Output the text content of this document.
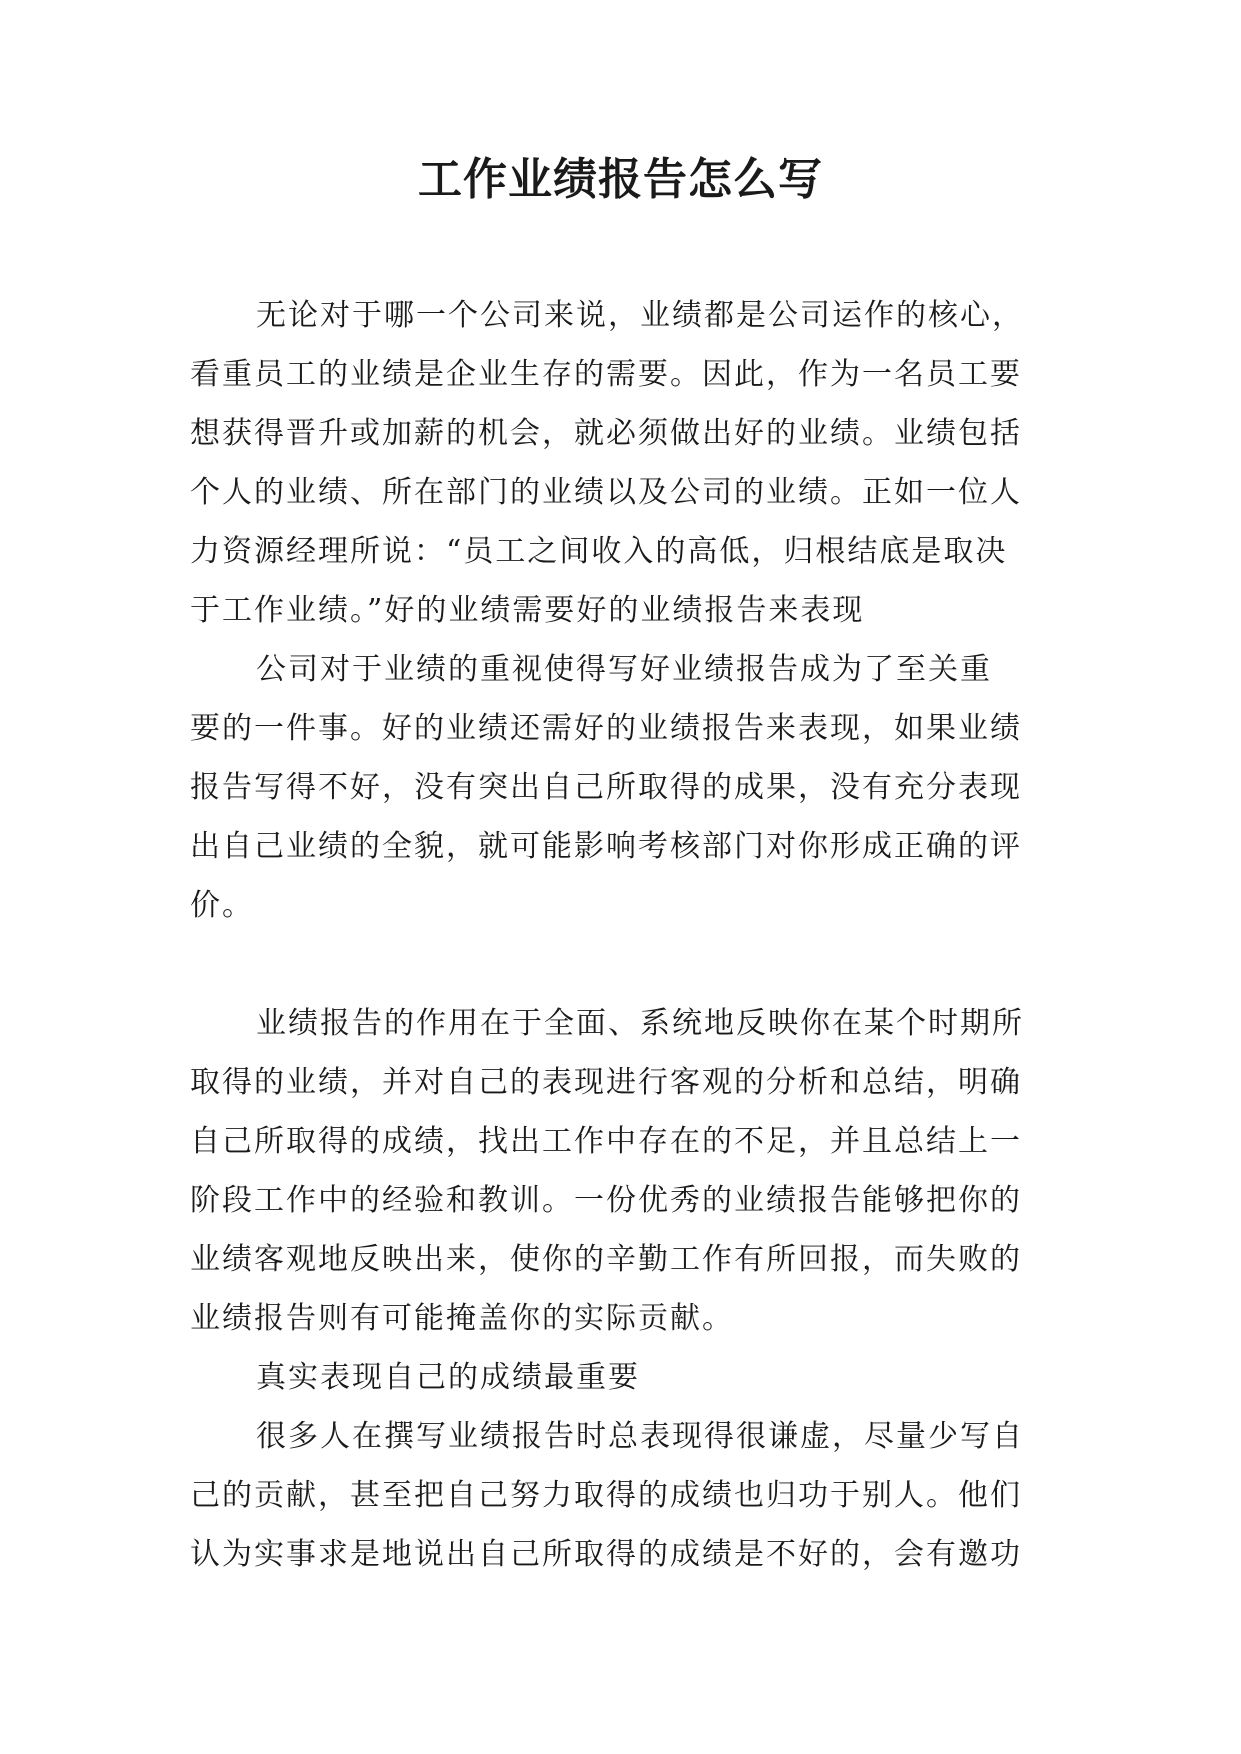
工作业绩报告怎么写
无论对于哪一个公司来说，业绩都是公司运作的核心，
看重员工的业绩是企业生存的需要。因此，作为一名员工要
想获得晋升或加薪的机会，就必须做出好的业绩。业绩包括
个人的业绩、所在部门的业绩以及公司的业绩。正如一位人
力资源经理所说：“员工之间收入的高低，归根结底是取决
于工作业绩。”好的业绩需要好的业绩报告来表现
公司对于业绩的重视使得写好业绩报告成为了至关重
要的一件事。好的业绩还需好的业绩报告来表现，如果业绩
报告写得不好，没有突出自己所取得的成果，没有充分表现
出自己业绩的全貌，就可能影响考核部门对你形成正确的评
价。
业绩报告的作用在于全面、系统地反映你在某个时期所
取得的业绩，并对自己的表现进行客观的分析和总结，明确
自己所取得的成绩，找出工作中存在的不足，并且总结上一
阶段工作中的经验和教训。一份优秀的业绩报告能够把你的
业绩客观地反映出来，使你的辛勤工作有所回报，而失败的
业绩报告则有可能掩盖你的实际贡献。
真实表现自己的成绩最重要
很多人在撰写业绩报告时总表现得很谦虚，尽量少写自
己的贡献，甚至把自己努力取得的成绩也归功于别人。他们
认为实事求是地说出自己所取得的成绩是不好的，会有邀功
